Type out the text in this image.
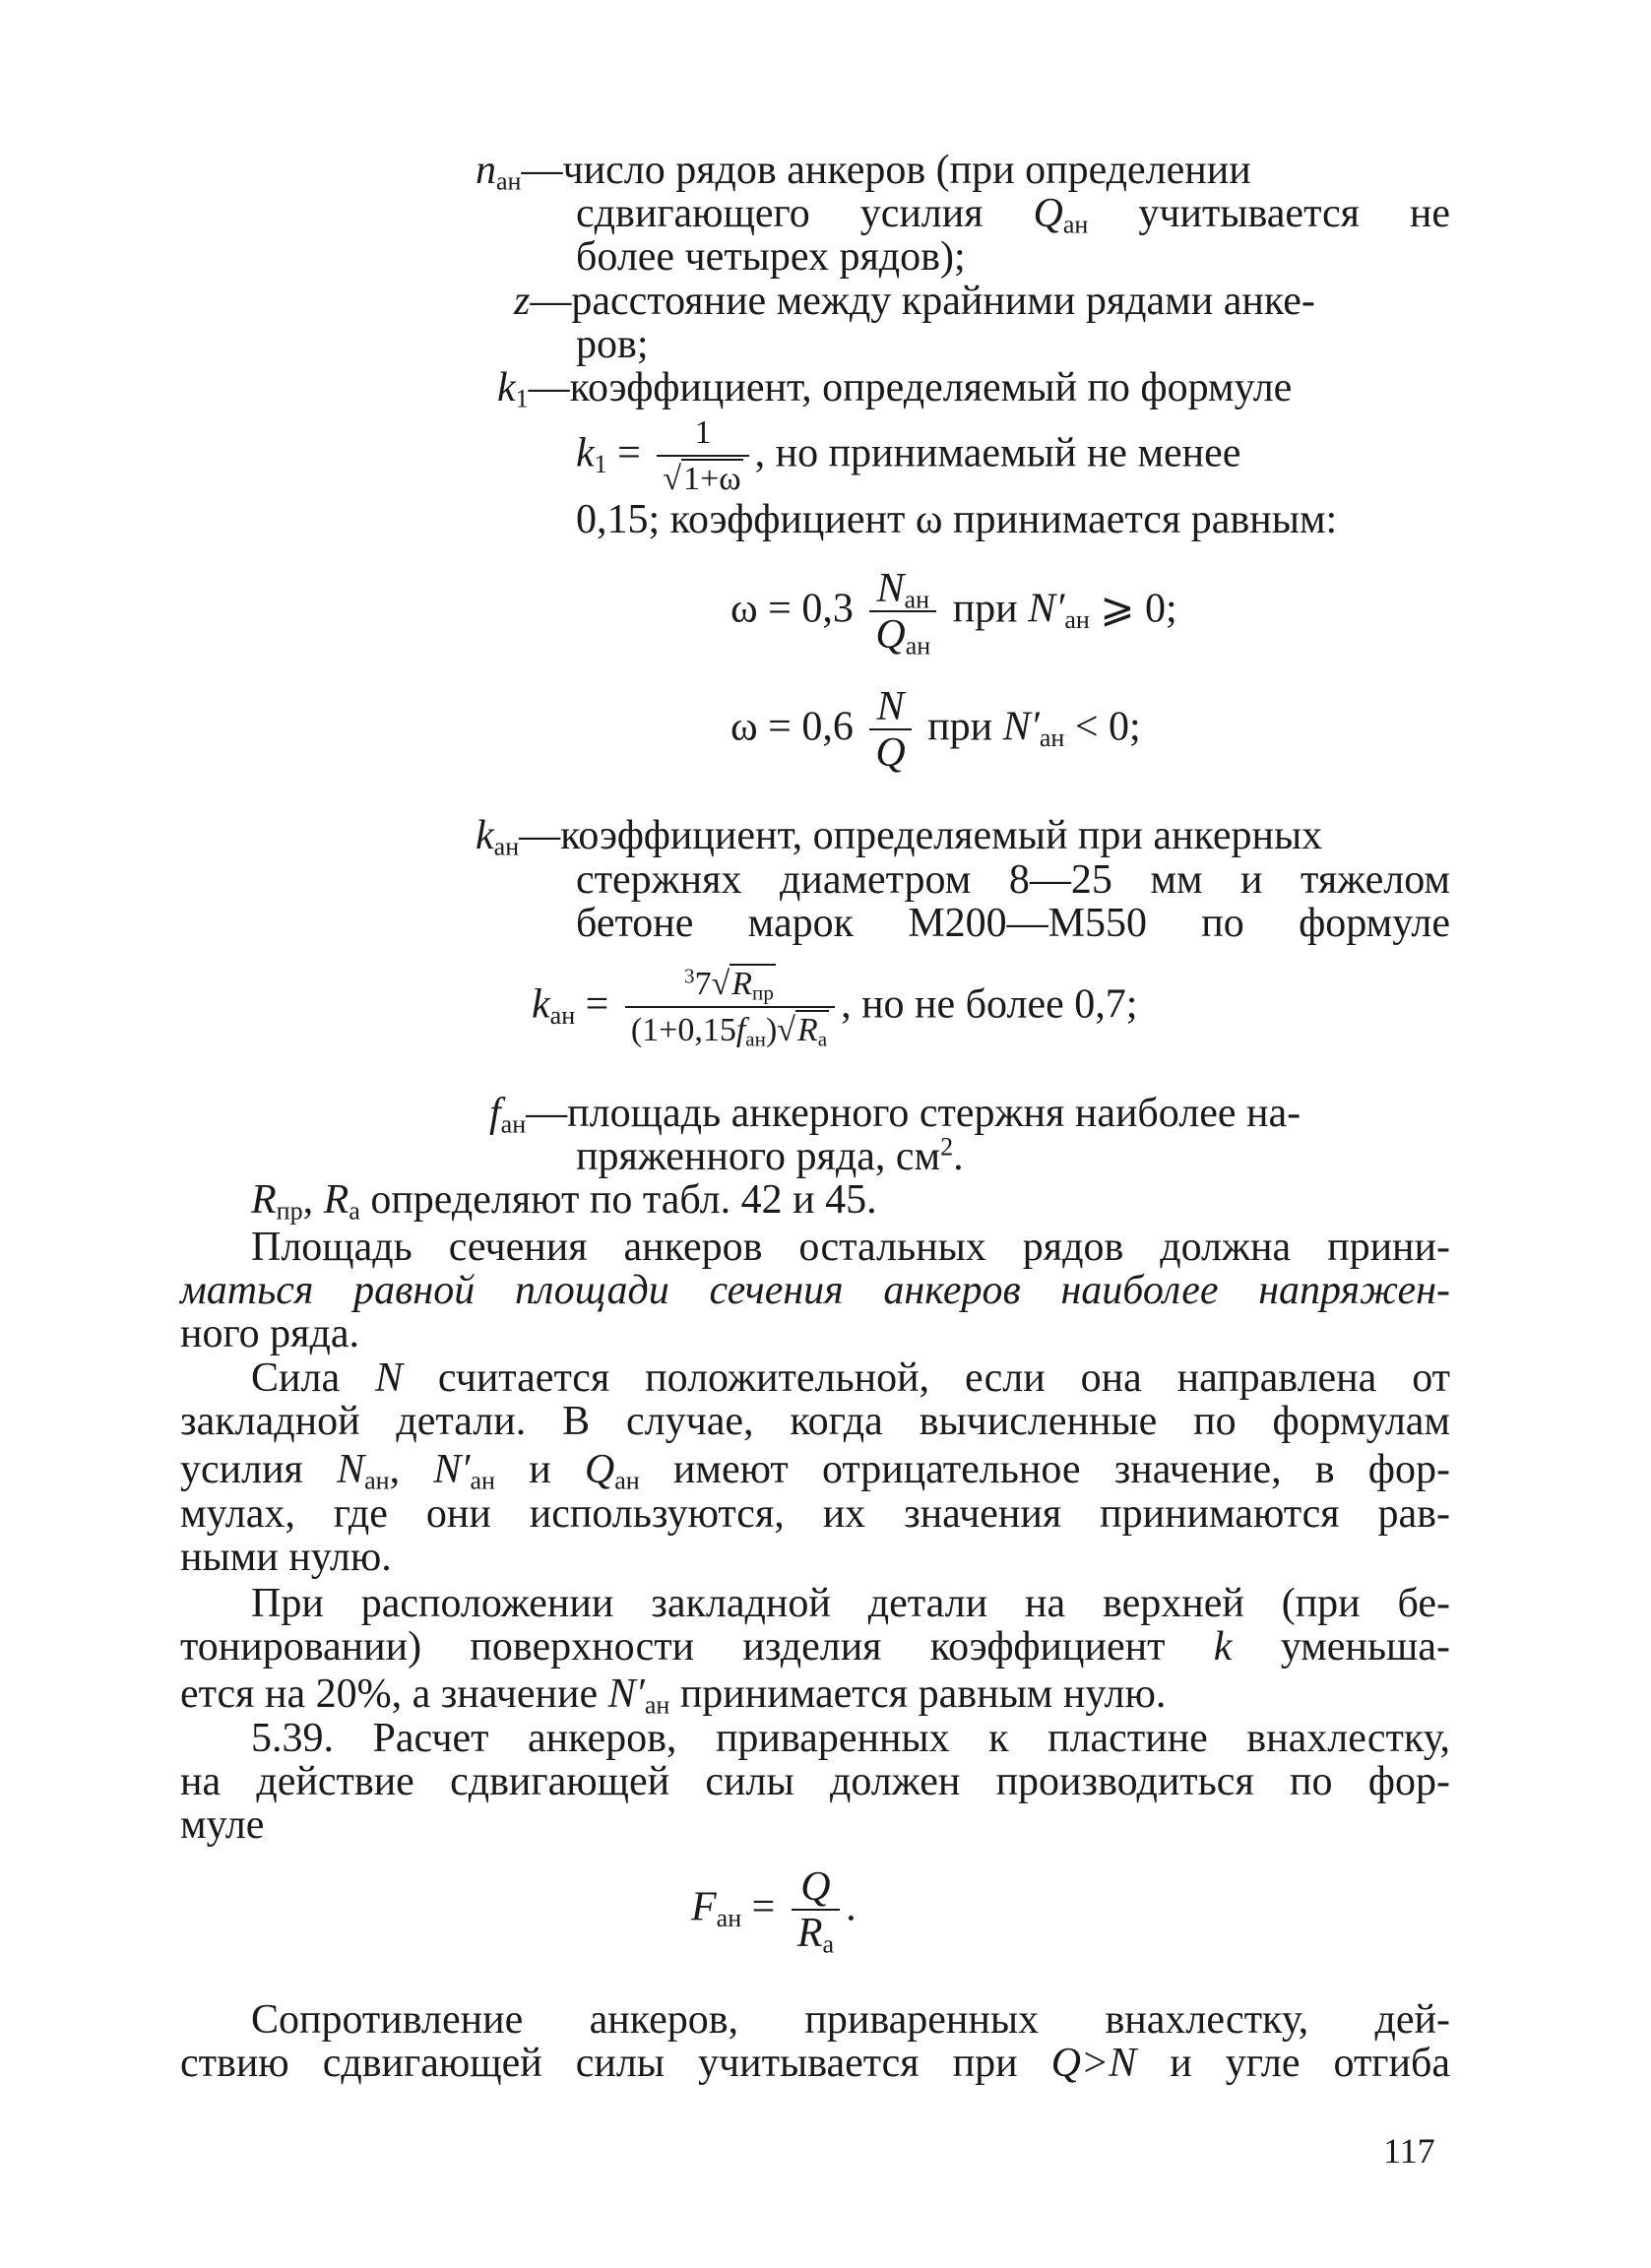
$n_{ан}—число$ рядов анкеров (при определении
сдвигающего усилия $Q_{ан}$ учитывается не
более четырех рядов);
z—расстояние между крайними рядами анке-
ров;
$k_1—коэффициент$, определяемый по формуле
$k_1 = \frac{1}{√1+\omega}$ , но принимаемый не менее
0,15; коэффициент ω принимается равным:
$\omega = 0,3 \frac{N_{ан}}{Q_{ан}}$ при $N'_{ан}$ ⩾ 0;
$\omega = 0,6 \frac{N}{Q}$ при $N'_{ан} < 0$;
$k_{ан}—коэффициент$, определяемый при анкерных
стержнях диаметром 8—25 мм и тяжелом
бетоне марок М200—М550 по формуле
$k_{ан} = \frac{^37√R_{пр}}{(1+0,15f_{ан})√R_а}$ , но не более 0,7;
$f_{ан}—площадь$ анкерного стержня наиболее на-
пряженного ряда, $см^2$.
$R_{пр}$, $R_а$ определяют по табл. 42 и 45.
Площадь сечения анкеров остальных рядов должна прини-
маться равной площади сечения анкеров наиболее напряжен-
ного ряда.
Сила N считается положительной, если она направлена от
закладной детали. В случае, когда вычисленные по формулам
усилия $N_{ан}$, $N'_{ан}$ и $Q_{ан}$ имеют отрицательное значение, в фор-
мулах, где они используются, их значения принимаются рав-
ными нулю.
При расположении закладной детали на верхней (при бе-
тонировании) поверхности изделия коэффициент k уменьша-
ется на 20%, а значение $N'_{ан}$ принимается равным нулю.
5.39. Расчет анкеров, приваренных к пластине внахлестку,
на действие сдвигающей силы должен производиться по фор-
муле
$F_{ан} = \frac{Q}{R_а}$ .
Сопротивление анкеров, приваренных внахлестку, дей-
ствию сдвигающей силы учитывается при Q>N и угле отгиба
117
